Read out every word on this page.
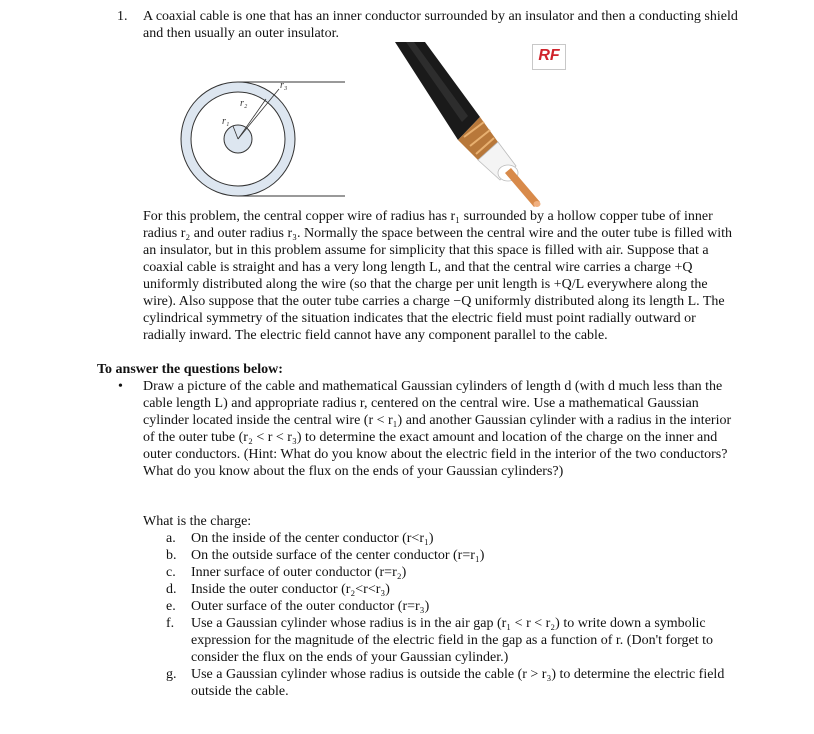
1. A coaxial cable is one that has an inner conductor surrounded by an insulator and then a conducting shield and then usually an outer insulator.
r₃
r₂
r₁
RF
For this problem, the central copper wire of radius has r₁ surrounded by a hollow copper tube of inner radius r₂ and outer radius r₃. Normally the space between the central wire and the outer tube is filled with an insulator, but in this problem assume for simplicity that this space is filled with air. Suppose that a coaxial cable is straight and has a very long length L, and that the central wire carries a charge +Q uniformly distributed along the wire (so that the charge per unit length is +Q/L everywhere along the wire). Also suppose that the outer tube carries a charge −Q uniformly distributed along its length L. The cylindrical symmetry of the situation indicates that the electric field must point radially outward or radially inward. The electric field cannot have any component parallel to the cable.
To answer the questions below:
• Draw a picture of the cable and mathematical Gaussian cylinders of length d (with d much less than the cable length L) and appropriate radius r, centered on the central wire. Use a mathematical Gaussian cylinder located inside the central wire (r < r₁) and another Gaussian cylinder with a radius in the interior of the outer tube (r₂ < r < r₃) to determine the exact amount and location of the charge on the inner and outer conductors. (Hint: What do you know about the electric field in the interior of the two conductors? What do you know about the flux on the ends of your Gaussian cylinders?)
What is the charge:
a.	On the inside of the center conductor (r<r₁)
b.	On the outside surface of the center conductor (r=r₁)
c.	Inner surface of outer conductor (r=r₂)
d.	Inside the outer conductor (r₂<r<r₃)
e.	Outer surface of the outer conductor (r=r₃)
f.	Use a Gaussian cylinder whose radius is in the air gap (r₁ < r < r₂) to write down a symbolic expression for the magnitude of the electric field in the gap as a function of r. (Don't forget to consider the flux on the ends of your Gaussian cylinder.)
g.	Use a Gaussian cylinder whose radius is outside the cable (r > r₃) to determine the electric field outside the cable.
